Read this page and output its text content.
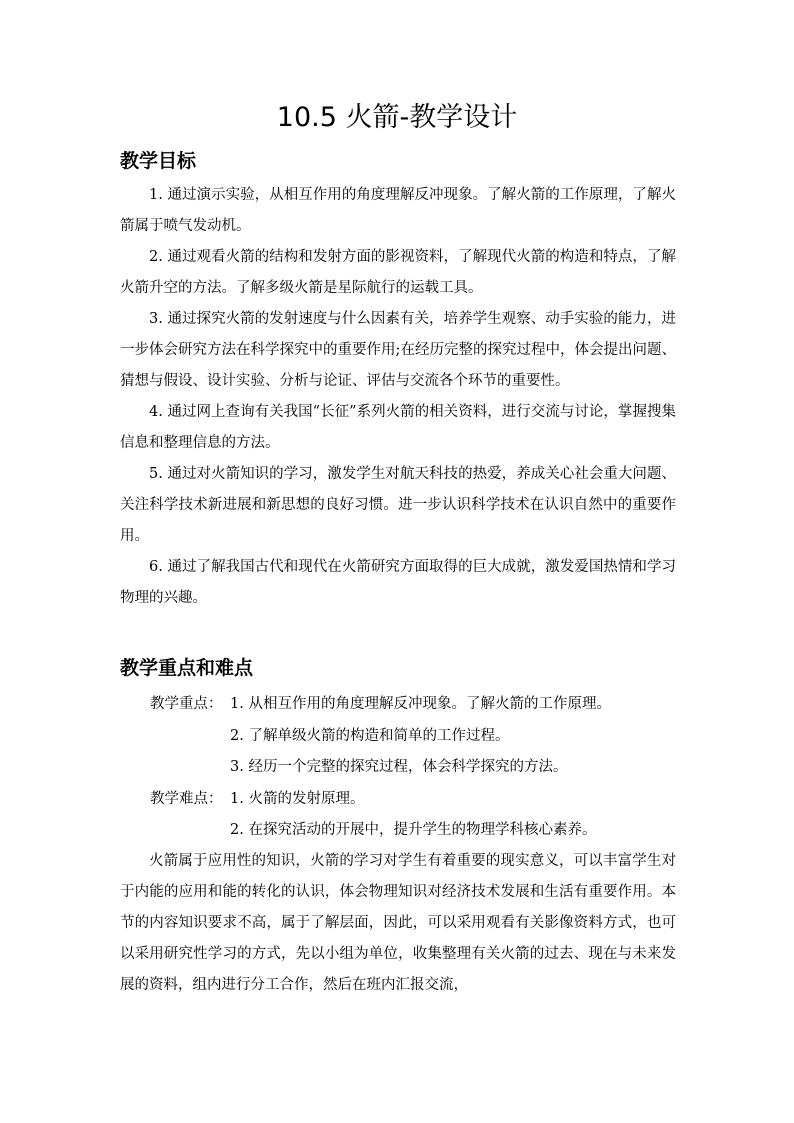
10.5 火箭-教学设计
教学目标

1. 通过演示实验，从相互作用的角度理解反冲现象。了解火箭的工作原理，了解火箭属于喷气发动机。

2. 通过观看火箭的结构和发射方面的影视资料，了解现代火箭的构造和特点，了解火箭升空的方法。了解多级火箭是星际航行的运载工具。

3. 通过探究火箭的发射速度与什么因素有关，培养学生观察、动手实验的能力，进一步体会研究方法在科学探究中的重要作用;在经历完整的探究过程中，体会提出问题、猜想与假设、设计实验、分析与论证、评估与交流各个环节的重要性。

4. 通过网上查询有关我国“长征”系列火箭的相关资料，进行交流与讨论，掌握搜集信息和整理信息的方法。

5. 通过对火箭知识的学习，激发学生对航天科技的热爱，养成关心社会重大问题、关注科学技术新进展和新思想的良好习惯。进一步认识科学技术在认识自然中的重要作用。

6. 通过了解我国古代和现代在火箭研究方面取得的巨大成就，激发爱国热情和学习物理的兴趣。

教学重点和难点
教学重点： 1. 从相互作用的角度理解反冲现象。了解火箭的工作原理。
2. 了解单级火箭的构造和简单的工作过程。
3. 经历一个完整的探究过程，体会科学探究的方法。
教学难点： 1. 火箭的发射原理。
2. 在探究活动的开展中，提升学生的物理学科核心素养。

火箭属于应用性的知识，火箭的学习对学生有着重要的现实意义，可以丰富学生对于内能的应用和能的转化的认识，体会物理知识对经济技术发展和生活有重要作用。本节的内容知识要求不高，属于了解层面，因此，可以采用观看有关影像资料方式，也可以采用研究性学习的方式，先以小组为单位，收集整理有关火箭的过去、现在与未来发展的资料，组内进行分工合作，然后在班内汇报交流，
